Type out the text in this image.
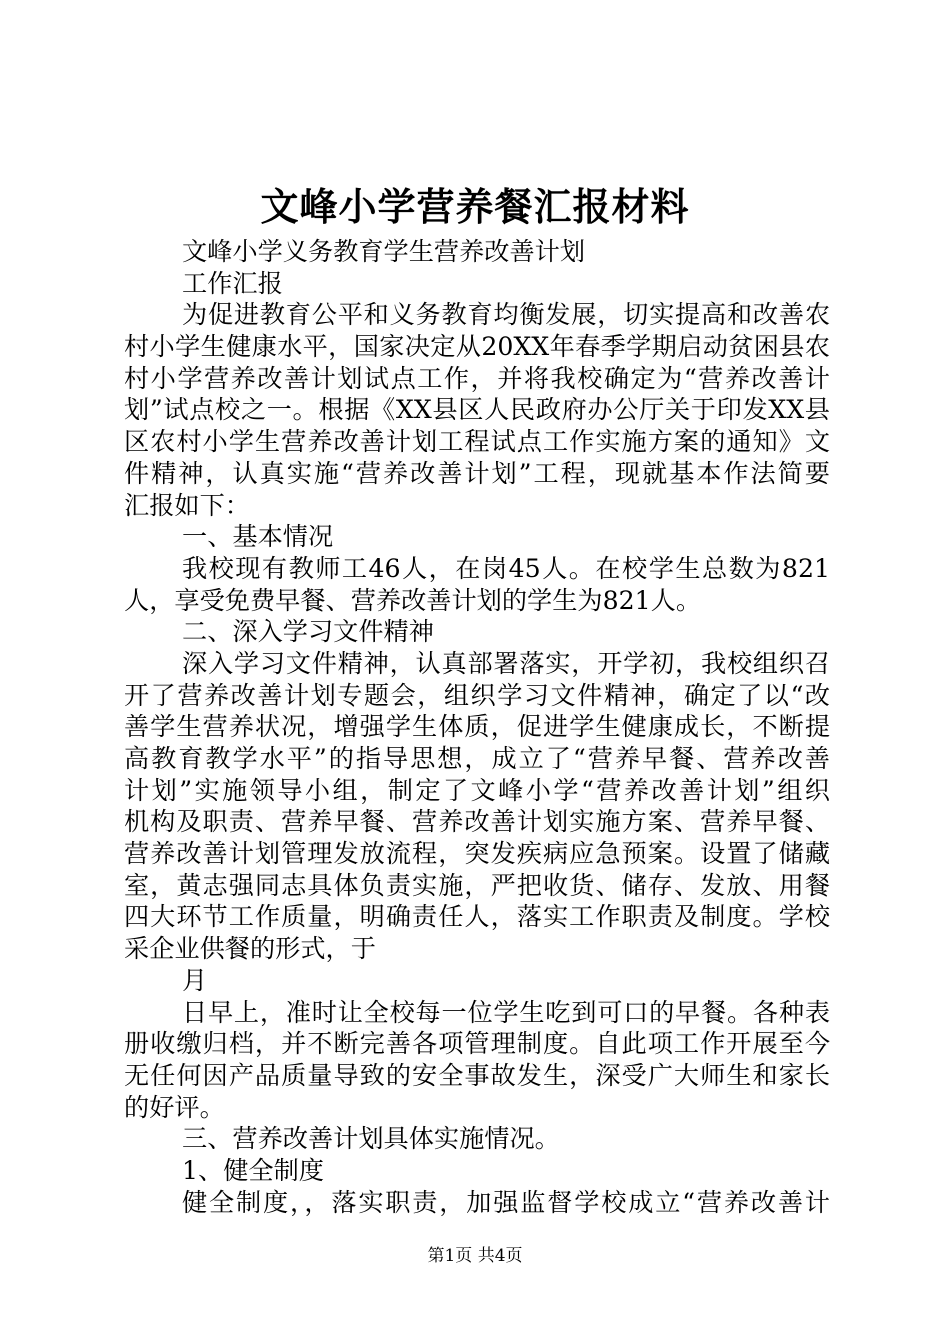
文峰小学营养餐汇报材料
文峰小学义务教育学生营养改善计划
工作汇报
为促进教育公平和义务教育均衡发展，切实提高和改善农
村小学生健康水平，国家决定从20XX年春季学期启动贫困县农
村小学营养改善计划试点工作，并将我校确定为“营养改善计
划”试点校之一。根据《XX县区人民政府办公厅关于印发XX县
区农村小学生营养改善计划工程试点工作实施方案的通知》文
件精神，认真实施“营养改善计划”工程，现就基本作法简要
汇报如下：
一、基本情况
我校现有教师工46人，在岗45人。在校学生总数为821
人，享受免费早餐、营养改善计划的学生为821人。
二、深入学习文件精神
深入学习文件精神，认真部署落实，开学初，我校组织召
开了营养改善计划专题会，组织学习文件精神，确定了以“改
善学生营养状况，增强学生体质，促进学生健康成长，不断提
高教育教学水平”的指导思想，成立了“营养早餐、营养改善
计划”实施领导小组，制定了文峰小学“营养改善计划”组织
机构及职责、营养早餐、营养改善计划实施方案、营养早餐、
营养改善计划管理发放流程，突发疾病应急预案。设置了储藏
室，黄志强同志具体负责实施，严把收货、储存、发放、用餐
四大环节工作质量，明确责任人，落实工作职责及制度。学校
采企业供餐的形式，于
月
日早上，准时让全校每一位学生吃到可口的早餐。各种表
册收缴归档，并不断完善各项管理制度。自此项工作开展至今
无任何因产品质量导致的安全事故发生，深受广大师生和家长
的好评。
三、营养改善计划具体实施情况。
1、健全制度
健全制度，，落实职责，加强监督学校成立“营养改善计
第1页 共4页
